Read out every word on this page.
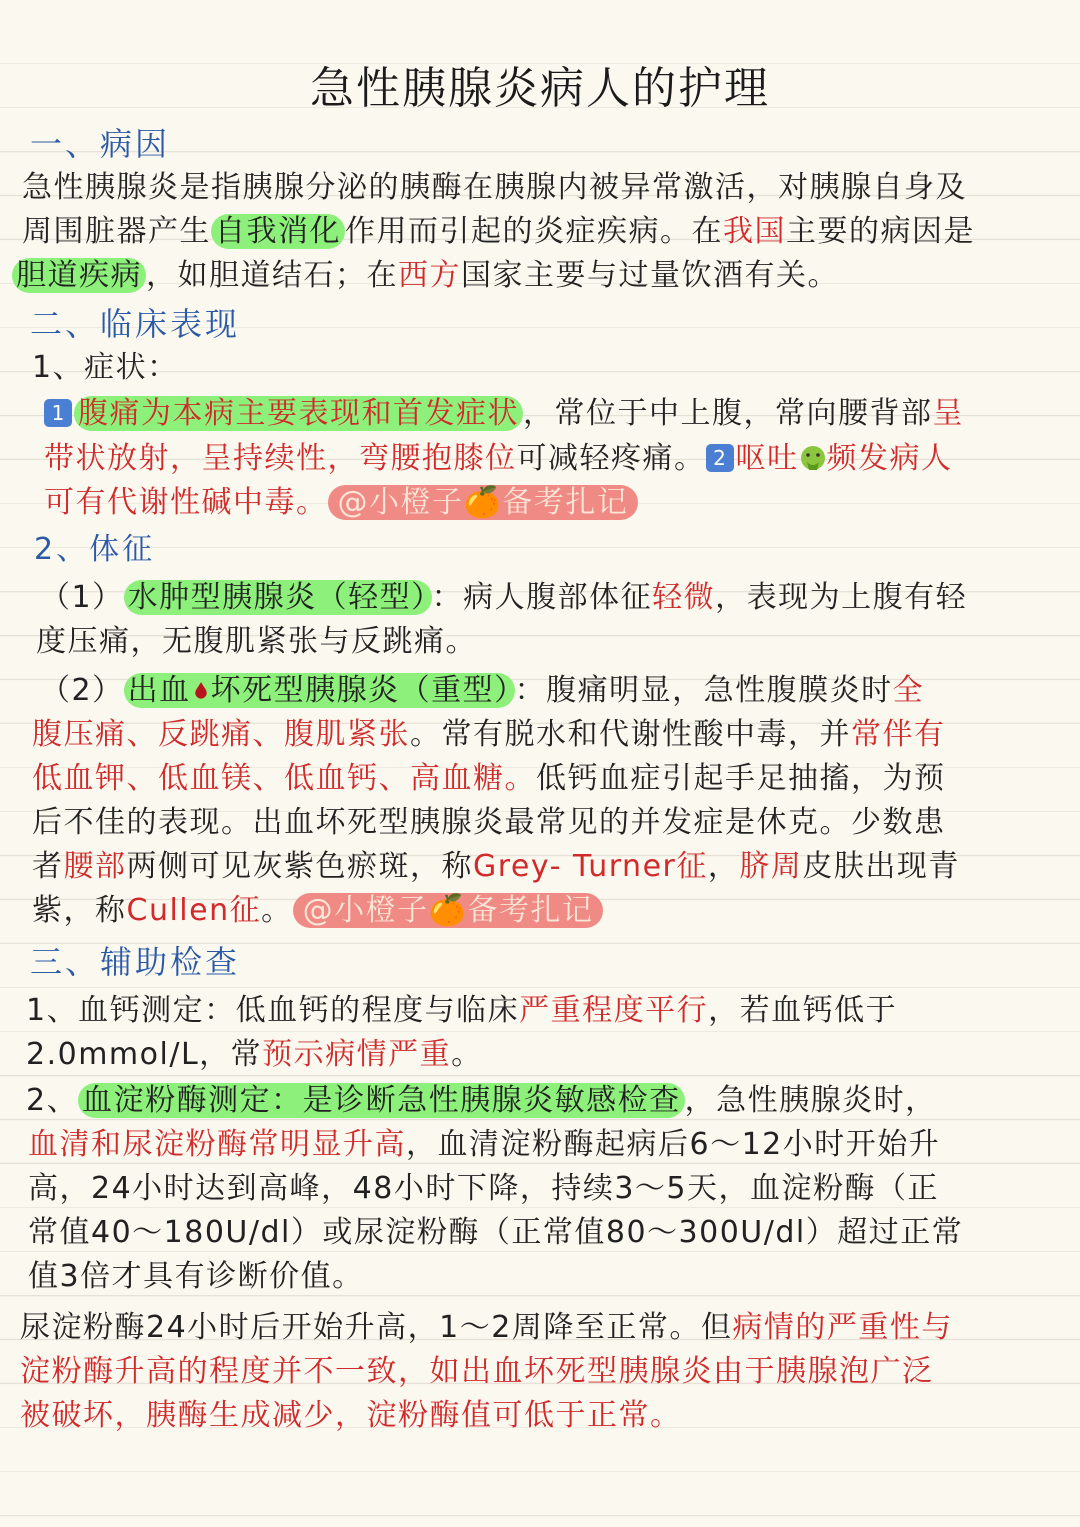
急性胰腺炎病人的护理
一、病因
急性胰腺炎是指胰腺分泌的胰酶在胰腺内被异常激活，对胰腺自身及
周围脏器产生 自我消化 作用而引起的炎症疾病。在我国主要的病因是
胆道疾病 ，如胆道结石；在西方国家主要与过量饮酒有关。
二、临床表现
1、症状：
1 腹痛为本病主要表现和首发症状 ，常位于中上腹，常向腰背部呈
带状放射，呈持续性，弯腰抱膝位可减轻疼痛。 2 呕吐 频发病人
可有代谢性碱中毒。 @小橙子🍊备考扎记
2、体征
（1） 水肿型胰腺炎（轻型） ：病人腹部体征轻微，表现为上腹有轻
度压痛，无腹肌紧张与反跳痛。
（2） 出血 坏死型胰腺炎（重型） ：腹痛明显，急性腹膜炎时全
腹压痛、反跳痛、腹肌紧张。常有脱水和代谢性酸中毒，并常伴有
低血钾、低血镁、低血钙、高血糖。低钙血症引起手足抽搐，为预
后不佳的表现。出血坏死型胰腺炎最常见的并发症是休克。少数患
者腰部两侧可见灰紫色瘀斑，称Grey- Turner征，脐周皮肤出现青
紫，称Cullen征。 @小橙子🍊备考扎记
三、辅助检查
1、血钙测定：低血钙的程度与临床严重程度平行，若血钙低于
2.0mmol/L，常预示病情严重。
2、 血淀粉酶测定：是诊断急性胰腺炎敏感检查 ，急性胰腺炎时，
血清和尿淀粉酶常明显升高，血清淀粉酶起病后6～12小时开始升
高，24小时达到高峰，48小时下降，持续3～5天，血淀粉酶（正
常值40～180U/dl）或尿淀粉酶（正常值80～300U/dl）超过正常
值3倍才具有诊断价值。
尿淀粉酶24小时后开始升高，1～2周降至正常。但病情的严重性与
淀粉酶升高的程度并不一致，如出血坏死型胰腺炎由于胰腺泡广泛
被破坏，胰酶生成减少，淀粉酶值可低于正常。
